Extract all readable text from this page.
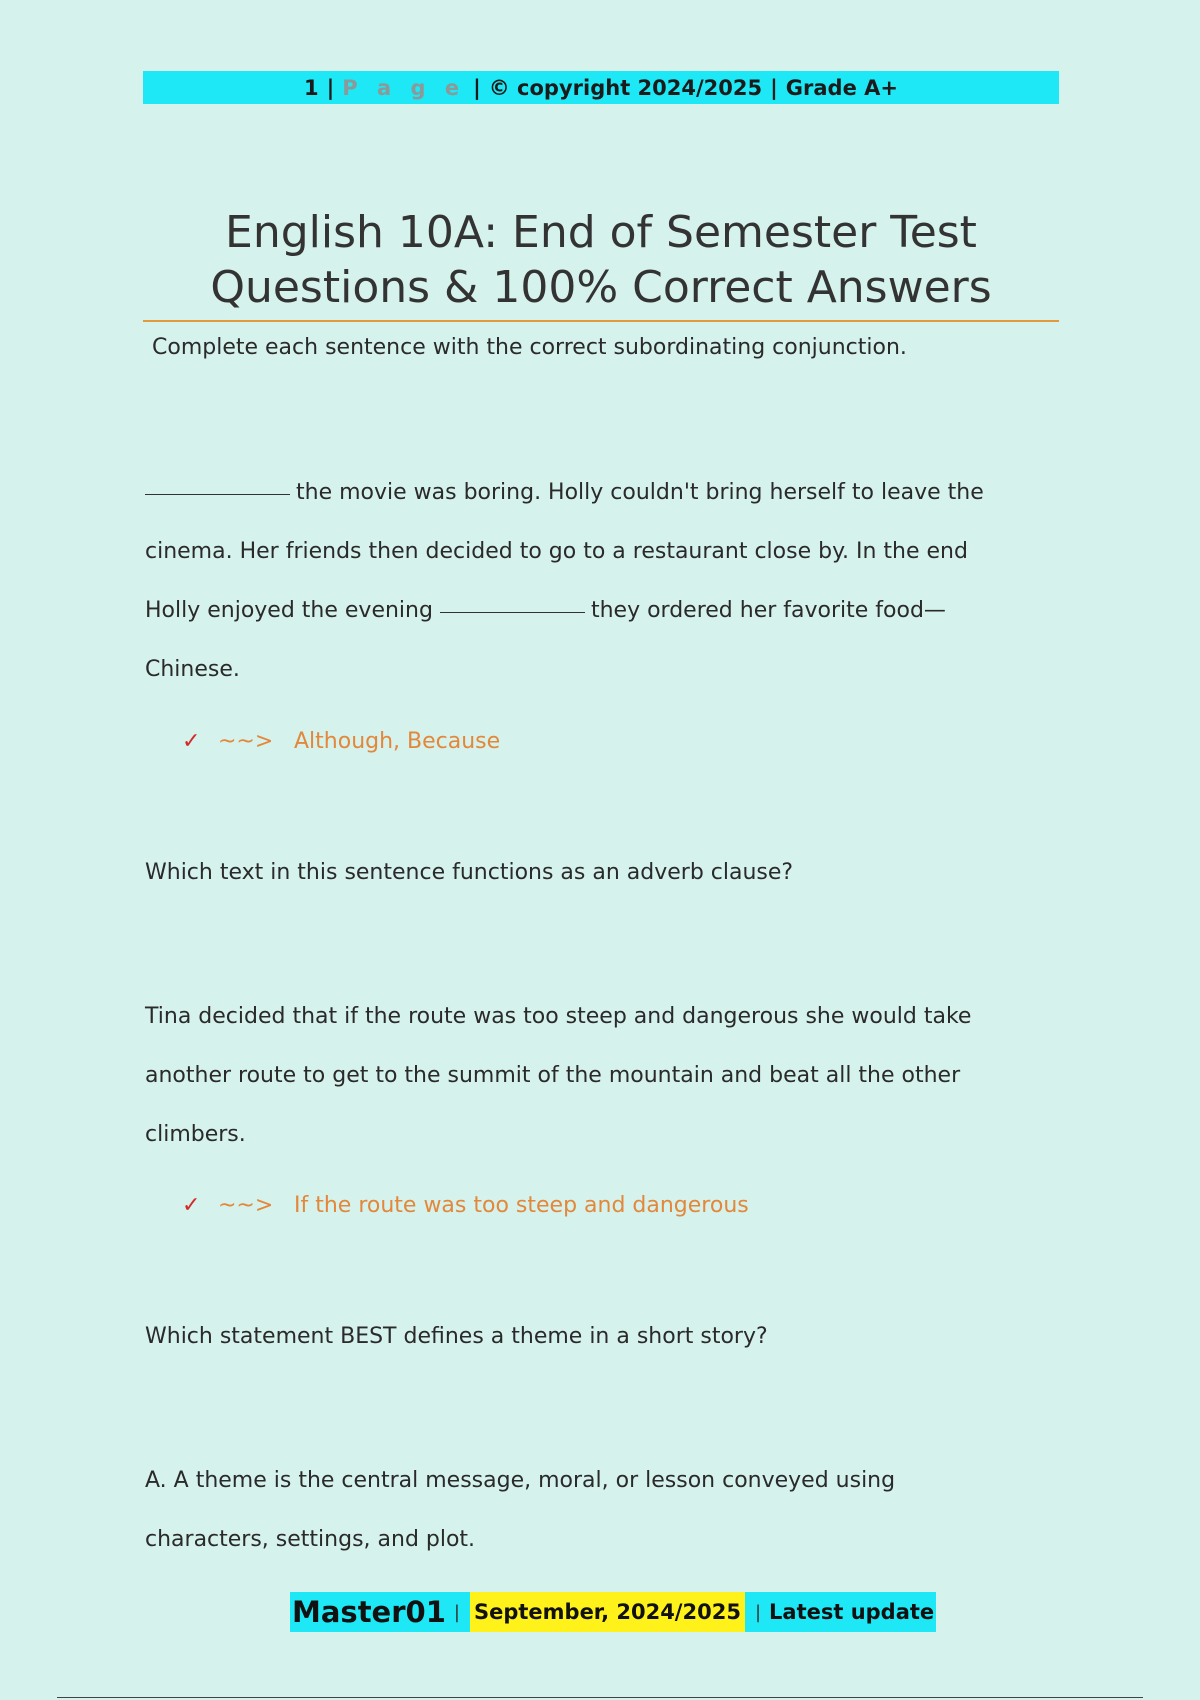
1 | P a g e | © copyright 2024/2025 | Grade A+
English 10A: End of Semester Test
Questions & 100% Correct Answers
Complete each sentence with the correct subordinating conjunction.
the movie was boring. Holly couldn't bring herself to leave the
cinema. Her friends then decided to go to a restaurant close by. In the end
Holly enjoyed the evening	they ordered her favorite food—
Chinese.
✓ ~~> Although, Because
Which text in this sentence functions as an adverb clause?
Tina decided that if the route was too steep and dangerous she would take
another route to get to the summit of the mountain and beat all the other
climbers.
✓ ~~> If the route was too steep and dangerous
Which statement BEST defines a theme in a short story?
A. A theme is the central message, moral, or lesson conveyed using
characters, settings, and plot.
Master01 | September, 2024/2025 | Latest update
